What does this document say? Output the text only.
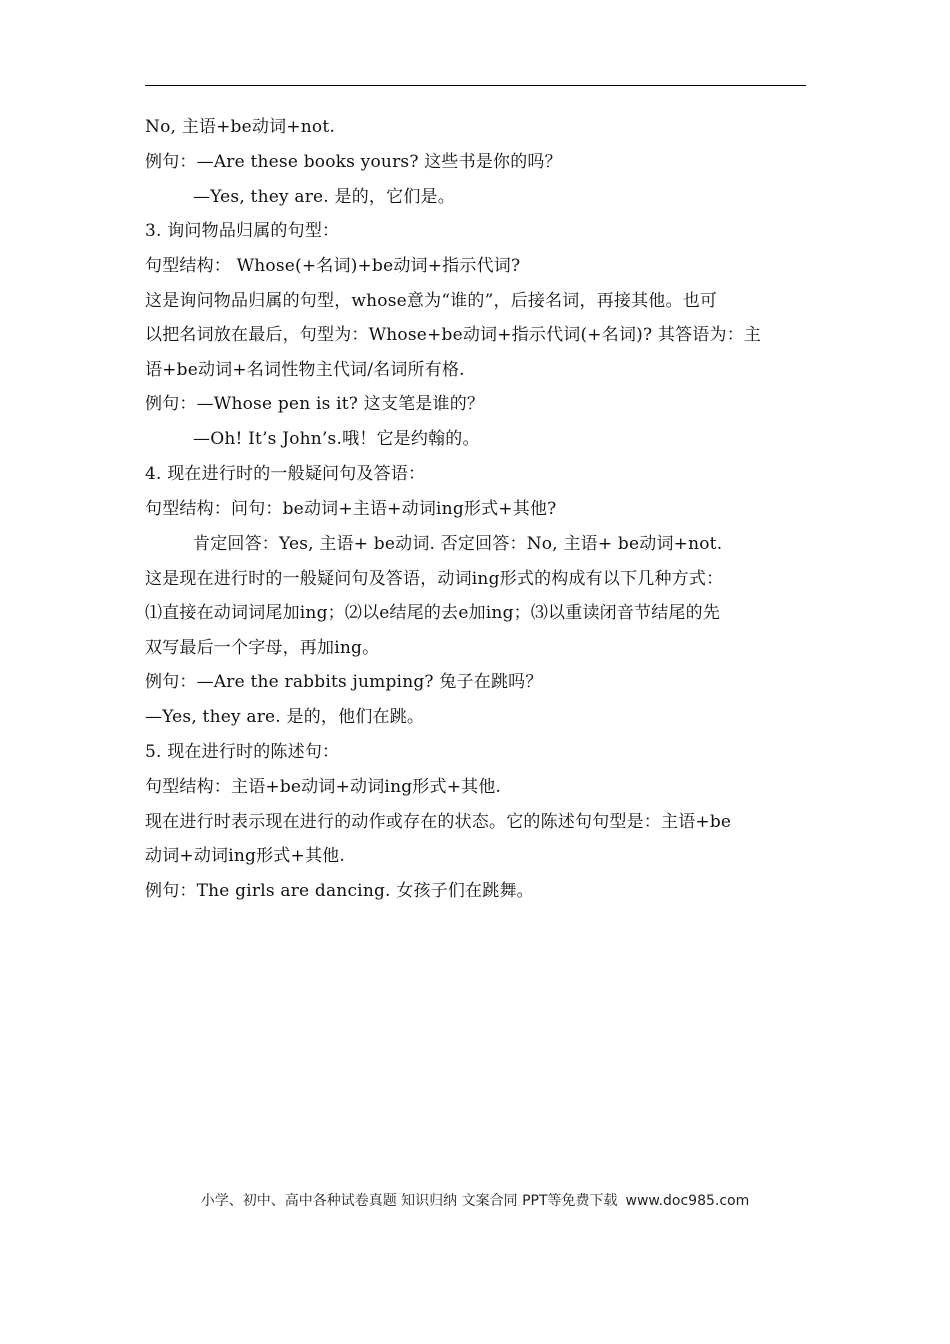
No, 主语+be动词+not.
例句：—Are these books yours? 这些书是你的吗？
—Yes, they are. 是的，它们是。
3. 询问物品归属的句型：
句型结构： Whose(+名词)+be动词+指示代词?
这是询问物品归属的句型，whose意为“谁的”，后接名词，再接其他。也可
以把名词放在最后，句型为：Whose+be动词+指示代词(+名词)? 其答语为：主
语+be动词+名词性物主代词/名词所有格.
例句：—Whose pen is it? 这支笔是谁的？
—Oh! It’s John’s.哦！它是约翰的。
4. 现在进行时的一般疑问句及答语：
句型结构：问句：be动词+主语+动词ing形式+其他?
肯定回答：Yes, 主语+ be动词. 否定回答：No, 主语+ be动词+not.
这是现在进行时的一般疑问句及答语，动词ing形式的构成有以下几种方式：
⑴直接在动词词尾加ing；⑵以e结尾的去e加ing；⑶以重读闭音节结尾的先
双写最后一个字母，再加ing。
例句：—Are the rabbits jumping? 兔子在跳吗？
—Yes, they are. 是的，他们在跳。
5. 现在进行时的陈述句：
句型结构：主语+be动词+动词ing形式+其他.
现在进行时表示现在进行的动作或存在的状态。它的陈述句句型是：主语+be
动词+动词ing形式+其他.
例句：The girls are dancing. 女孩子们在跳舞。
小学、初中、高中各种试卷真题 知识归纳 文案合同 PPT等免费下载 www.doc985.com
